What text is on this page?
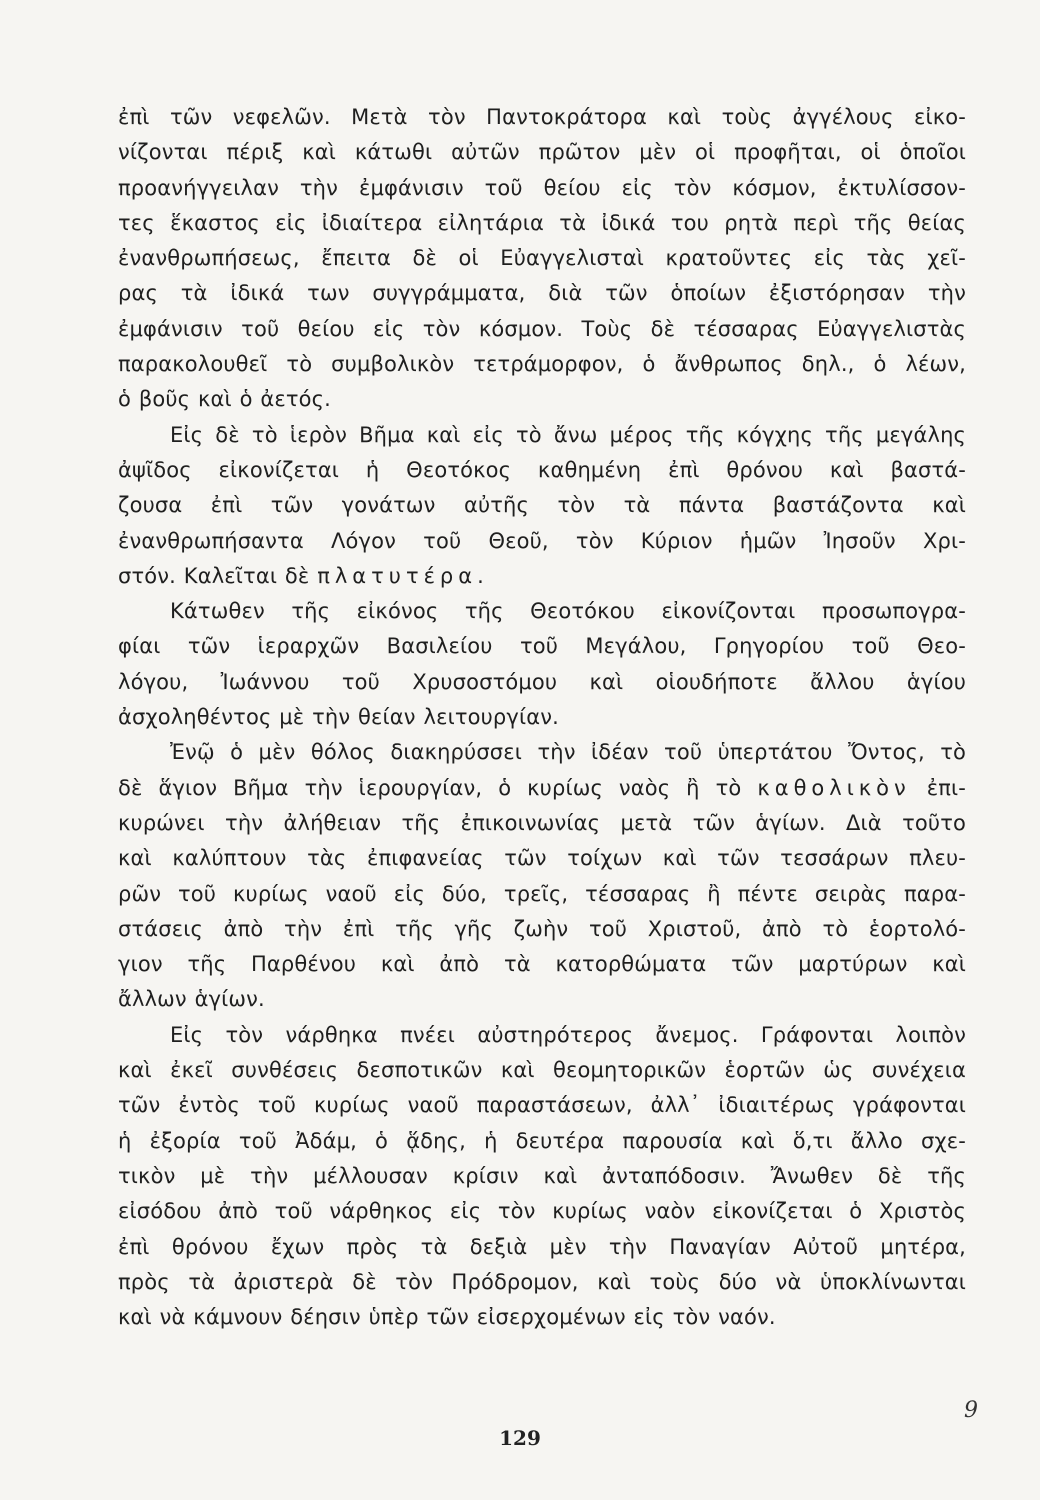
ἐπὶ τῶν νεφελῶν. Μετὰ τὸν Παντοκράτορα καὶ τοὺς ἀγγέλους εἰκο-
νίζονται πέριξ καὶ κάτωθι αὐτῶν πρῶτον μὲν οἱ προφῆται, οἱ ὁποῖοι
προανήγγειλαν τὴν ἐμφάνισιν τοῦ θείου εἰς τὸν κόσμον, ἐκτυλίσσον-
τες ἕκαστος εἰς ἰδιαίτερα εἰλητάρια τὰ ἰδικά του ρητὰ περὶ τῆς θείας
ἐνανθρωπήσεως, ἔπειτα δὲ οἱ Εὐαγγελισταὶ κρατοῦντες εἰς τὰς χεῖ-
ρας τὰ ἰδικά των συγγράμματα, διὰ τῶν ὁποίων ἐξιστόρησαν τὴν
ἐμφάνισιν τοῦ θείου εἰς τὸν κόσμον. Τοὺς δὲ τέσσαρας Εὐαγγελιστὰς
παρακολουθεῖ τὸ συμβολικὸν τετράμορφον, ὁ ἄνθρωπος δηλ., ὁ λέων,
ὁ βοῦς καὶ ὁ ἀετός.
Εἰς δὲ τὸ ἱερὸν Βῆμα καὶ εἰς τὸ ἄνω μέρος τῆς κόγχης τῆς μεγάλης
ἀψῖδος εἰκονίζεται ἡ Θεοτόκος καθημένη ἐπὶ θρόνου καὶ βαστά-
ζουσα ἐπὶ τῶν γονάτων αὐτῆς τὸν τὰ πάντα βαστάζοντα καὶ
ἐνανθρωπήσαντα Λόγον τοῦ Θεοῦ, τὸν Κύριον ἡμῶν Ἰησοῦν Χρι-
στόν. Καλεῖται δὲ πλατυτέρα.
Κάτωθεν τῆς εἰκόνος τῆς Θεοτόκου εἰκονίζονται προσωπογρα-
φίαι τῶν ἱεραρχῶν Βασιλείου τοῦ Μεγάλου, Γρηγορίου τοῦ Θεο-
λόγου, Ἰωάννου τοῦ Χρυσοστόμου καὶ οἱουδήποτε ἄλλου ἁγίου
ἀσχοληθέντος μὲ τὴν θείαν λειτουργίαν.
Ἐνῷ ὁ μὲν θόλος διακηρύσσει τὴν ἰδέαν τοῦ ὑπερτάτου Ὄντος, τὸ
δὲ ἅγιον Βῆμα τὴν ἱερουργίαν, ὁ κυρίως ναὸς ἢ τὸ καθολικὸν ἐπι-
κυρώνει τὴν ἀλήθειαν τῆς ἐπικοινωνίας μετὰ τῶν ἁγίων. Διὰ τοῦτο
καὶ καλύπτουν τὰς ἐπιφανείας τῶν τοίχων καὶ τῶν τεσσάρων πλευ-
ρῶν τοῦ κυρίως ναοῦ εἰς δύο, τρεῖς, τέσσαρας ἢ πέντε σειρὰς παρα-
στάσεις ἀπὸ τὴν ἐπὶ τῆς γῆς ζωὴν τοῦ Χριστοῦ, ἀπὸ τὸ ἑορτολό-
γιον τῆς Παρθένου καὶ ἀπὸ τὰ κατορθώματα τῶν μαρτύρων καὶ
ἄλλων ἁγίων.
Εἰς τὸν νάρθηκα πνέει αὐστηρότερος ἄνεμος. Γράφονται λοιπὸν
καὶ ἐκεῖ συνθέσεις δεσποτικῶν καὶ θεομητορικῶν ἑορτῶν ὡς συνέχεια
τῶν ἐντὸς τοῦ κυρίως ναοῦ παραστάσεων, ἀλλ᾽ ἰδιαιτέρως γράφονται
ἡ ἐξορία τοῦ Ἀδάμ, ὁ ᾅδης, ἡ δευτέρα παρουσία καὶ ὅ,τι ἄλλο σχε-
τικὸν μὲ τὴν μέλλουσαν κρίσιν καὶ ἀνταπόδοσιν. Ἄνωθεν δὲ τῆς
εἰσόδου ἀπὸ τοῦ νάρθηκος εἰς τὸν κυρίως ναὸν εἰκονίζεται ὁ Χριστὸς
ἐπὶ θρόνου ἔχων πρὸς τὰ δεξιὰ μὲν τὴν Παναγίαν Αὐτοῦ μητέρα,
πρὸς τὰ ἀριστερὰ δὲ τὸν Πρόδρομον, καὶ τοὺς δύο νὰ ὑποκλίνωνται
καὶ νὰ κάμνουν δέησιν ὑπὲρ τῶν εἰσερχομένων εἰς τὸν ναόν.
129
9
